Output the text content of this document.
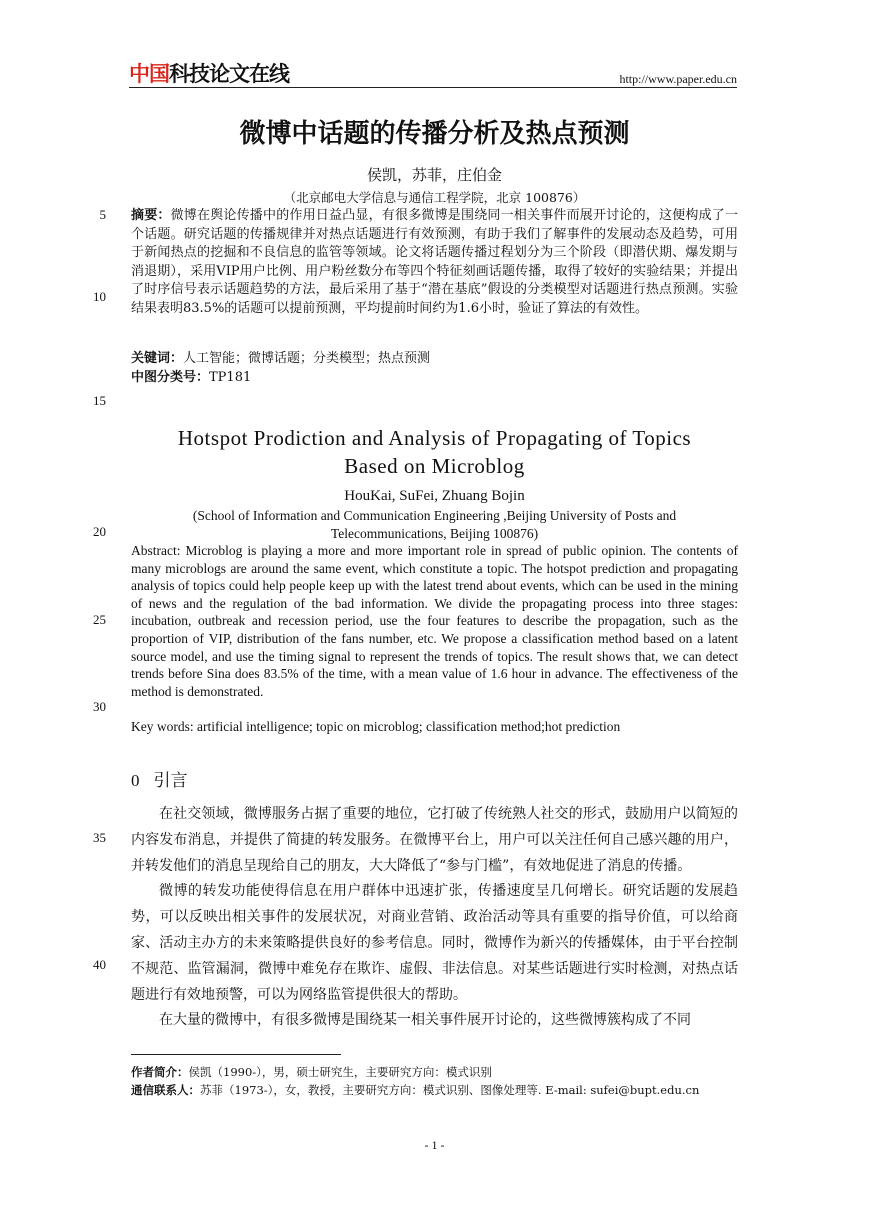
中国科技论文在线	http://www.paper.edu.cn
微博中话题的传播分析及热点预测
侯凯，苏菲，庄伯金
（北京邮电大学信息与通信工程学院，北京 100876）
5
10
15
20
25
30
35
40
摘要：微博在舆论传播中的作用日益凸显，有很多微博是围绕同一相关事件而展开讨论的，这便构成了一个话题。研究话题的传播规律并对热点话题进行有效预测，有助于我们了解事件的发展动态及趋势，可用于新闻热点的挖掘和不良信息的监管等领域。论文将话题传播过程划分为三个阶段（即潜伏期、爆发期与消退期），采用VIP用户比例、用户粉丝数分布等四个特征刻画话题传播，取得了较好的实验结果；并提出了时序信号表示话题趋势的方法，最后采用了基于“潜在基底”假设的分类模型对话题进行热点预测。实验结果表明83.5%的话题可以提前预测，平均提前时间约为1.6小时，验证了算法的有效性。
关键词：人工智能；微博话题；分类模型；热点预测
中图分类号：TP181
Hotspot Prodiction and Analysis of Propagating of Topics
Based on Microblog
HouKai, SuFei, Zhuang Bojin
(School of Information and Communication Engineering ,Beijing University of Posts and Telecommunications, Beijing 100876)
Abstract: Microblog is playing a more and more important role in spread of public opinion. The contents of many microblogs are around the same event, which constitute a topic. The hotspot prediction and propagating analysis of topics could help people keep up with the latest trend about events, which can be used in the mining of news and the regulation of the bad information. We divide the propagating process into three stages: incubation, outbreak and recession period, use the four features to describe the propagation, such as the proportion of VIP, distribution of the fans number, etc. We propose a classification method based on a latent source model, and use the timing signal to represent the trends of topics. The result shows that, we can detect trends before Sina does 83.5% of the time, with a mean value of 1.6 hour in advance. The effectiveness of the method is demonstrated.
Key words: artificial intelligence; topic on microblog; classification method;hot prediction
0 引言

在社交领域，微博服务占据了重要的地位，它打破了传统熟人社交的形式，鼓励用户以简短的内容发布消息，并提供了简捷的转发服务。在微博平台上，用户可以关注任何自己感兴趣的用户，并转发他们的消息呈现给自己的朋友，大大降低了“参与门槛”，有效地促进了消息的传播。

微博的转发功能使得信息在用户群体中迅速扩张，传播速度呈几何增长。研究话题的发展趋势，可以反映出相关事件的发展状况，对商业营销、政治活动等具有重要的指导价值，可以给商家、活动主办方的未来策略提供良好的参考信息。同时，微博作为新兴的传播媒体，由于平台控制不规范、监管漏洞，微博中难免存在欺诈、虚假、非法信息。对某些话题进行实时检测，对热点话题进行有效地预警，可以为网络监管提供很大的帮助。

在大量的微博中，有很多微博是围绕某一相关事件展开讨论的，这些微博簇构成了不同

作者简介：侯凯（1990-），男，硕士研究生，主要研究方向：模式识别
通信联系人：苏菲（1973-），女，教授，主要研究方向：模式识别、图像处理等. E-mail: sufei@bupt.edu.cn
- 1 -
